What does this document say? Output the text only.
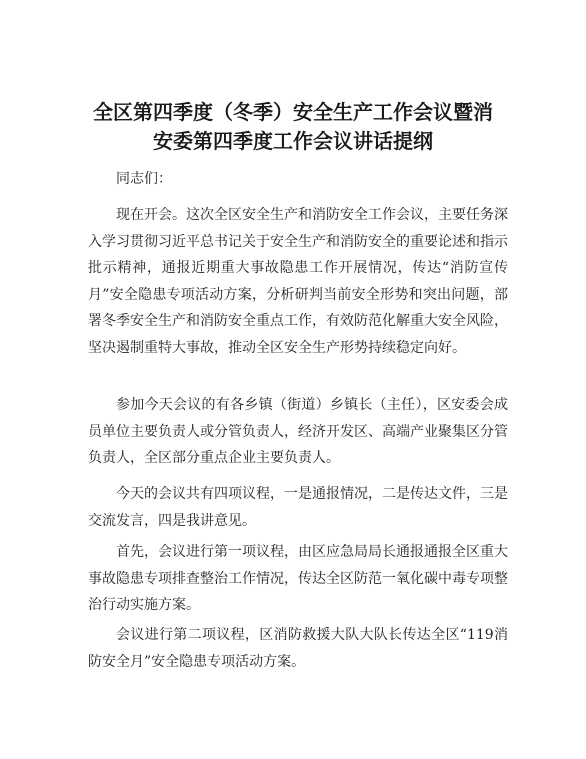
全区第四季度（冬季）安全生产工作会议暨消
安委第四季度工作会议讲话提纲

同志们：

现在开会。这次全区安全生产和消防安全工作会议，主要任务深入学习贯彻习近平总书记关于安全生产和消防安全的重要论述和指示批示精神，通报近期重大事故隐患工作开展情况，传达“消防宣传月”安全隐患专项活动方案，分析研判当前安全形势和突出问题，部署冬季安全生产和消防安全重点工作，有效防范化解重大安全风险，坚决遏制重特大事故，推动全区安全生产形势持续稳定向好。

参加今天会议的有各乡镇（街道）乡镇长（主任），区安委会成员单位主要负责人或分管负责人，经济开发区、高端产业聚集区分管负责人，全区部分重点企业主要负责人。

今天的会议共有四项议程，一是通报情况，二是传达文件，三是交流发言，四是我讲意见。

首先，会议进行第一项议程，由区应急局局长通报通报全区重大事故隐患专项排查整治工作情况，传达全区防范一氧化碳中毒专项整治行动实施方案。

会议进行第二项议程，区消防救援大队大队长传达全区“119消防安全月”安全隐患专项活动方案。
